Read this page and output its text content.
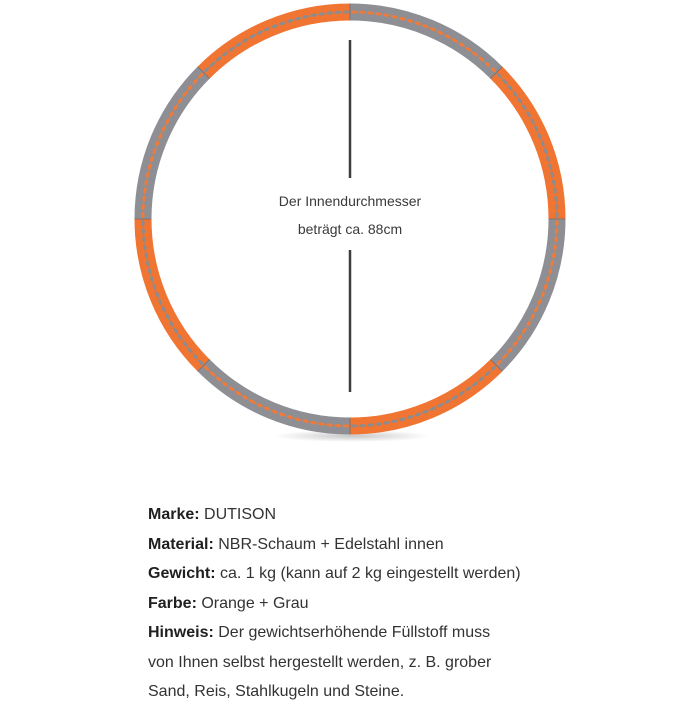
Der Innendurchmesser
beträgt ca. 88cm
Marke: DUTISON
Material: NBR-Schaum + Edelstahl innen
Gewicht: ca. 1 kg (kann auf 2 kg eingestellt werden)
Farbe: Orange + Grau
Hinweis: Der gewichtserhöhende Füllstoff muss
von Ihnen selbst hergestellt werden, z. B. grober
Sand, Reis, Stahlkugeln und Steine.
